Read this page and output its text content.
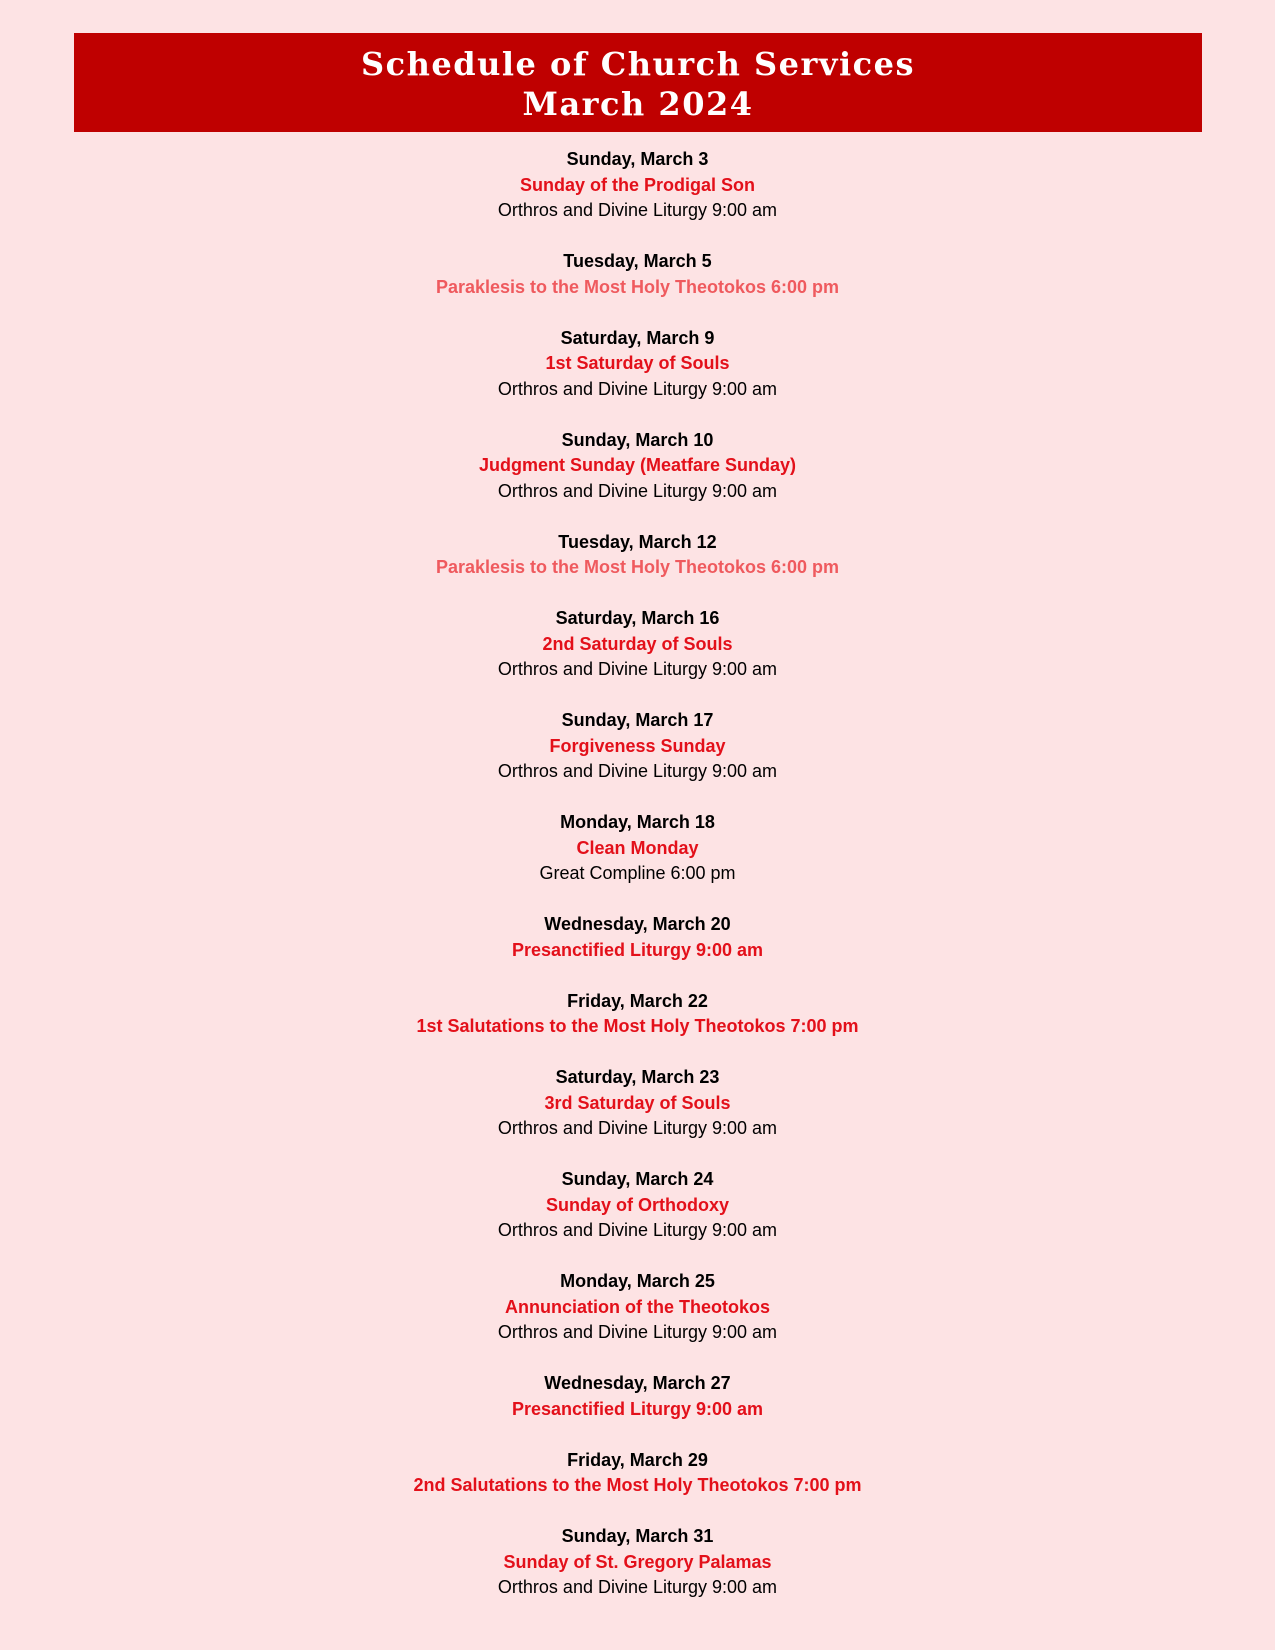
Schedule of Church Services
March 2024
Sunday, March 3
Sunday of the Prodigal Son
Orthros and Divine Liturgy 9:00 am
Tuesday, March 5
Paraklesis to the Most Holy Theotokos 6:00 pm
Saturday, March 9
1st Saturday of Souls
Orthros and Divine Liturgy 9:00 am
Sunday, March 10
Judgment Sunday (Meatfare Sunday)
Orthros and Divine Liturgy 9:00 am
Tuesday, March 12
Paraklesis to the Most Holy Theotokos 6:00 pm
Saturday, March 16
2nd Saturday of Souls
Orthros and Divine Liturgy 9:00 am
Sunday, March 17
Forgiveness Sunday
Orthros and Divine Liturgy 9:00 am
Monday, March 18
Clean Monday
Great Compline 6:00 pm
Wednesday, March 20
Presanctified Liturgy 9:00 am
Friday, March 22
1st Salutations to the Most Holy Theotokos 7:00 pm
Saturday, March 23
3rd Saturday of Souls
Orthros and Divine Liturgy 9:00 am
Sunday, March 24
Sunday of Orthodoxy
Orthros and Divine Liturgy 9:00 am
Monday, March 25
Annunciation of the Theotokos
Orthros and Divine Liturgy 9:00 am
Wednesday, March 27
Presanctified Liturgy 9:00 am
Friday, March 29
2nd Salutations to the Most Holy Theotokos 7:00 pm
Sunday, March 31
Sunday of St. Gregory Palamas
Orthros and Divine Liturgy 9:00 am
